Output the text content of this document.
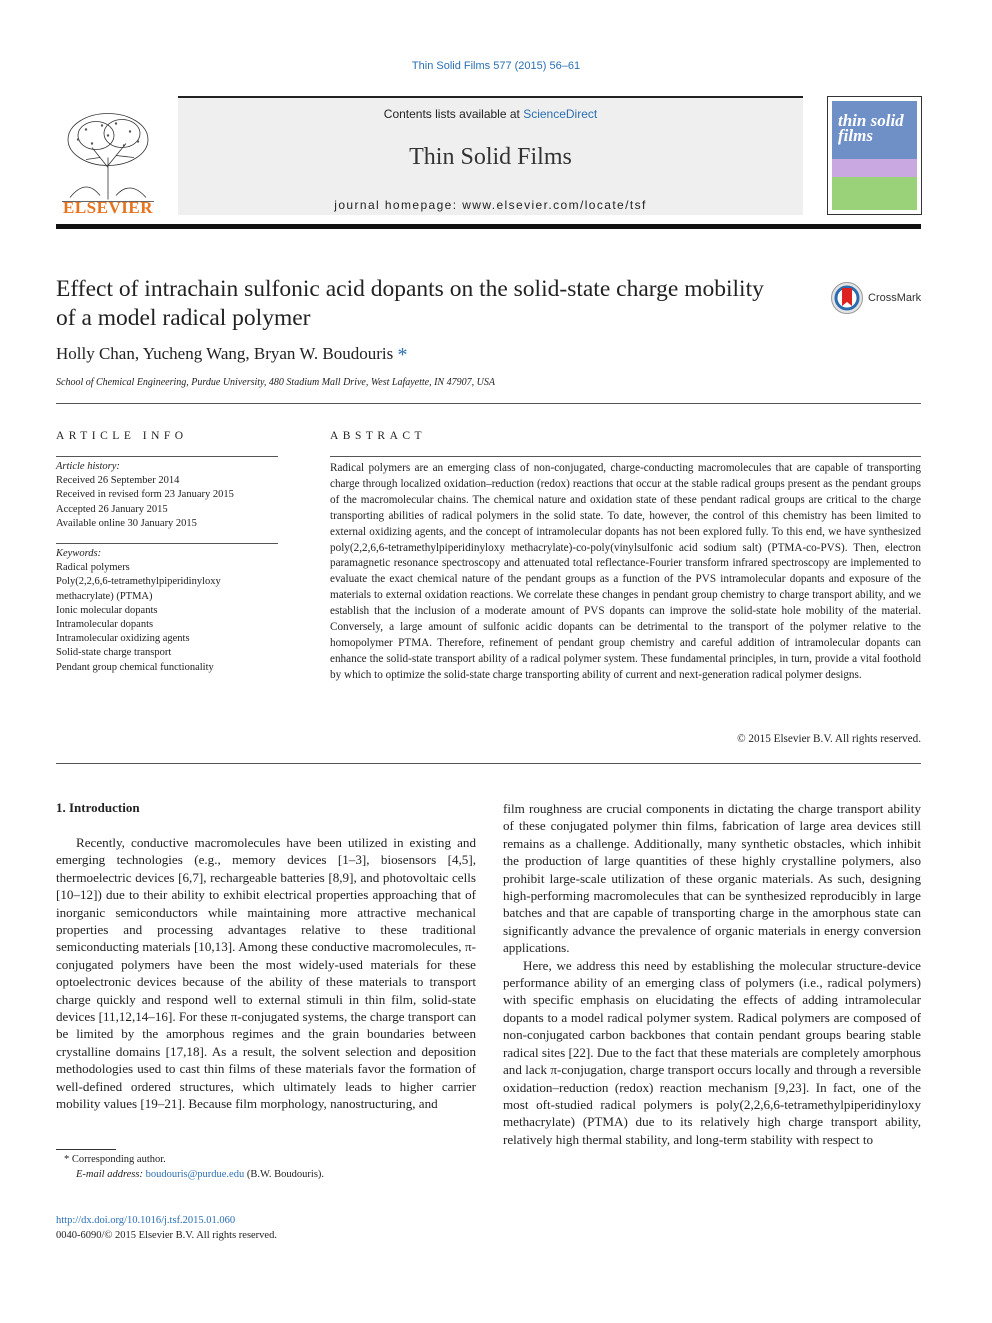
Thin Solid Films 577 (2015) 56–61
ELSEVIER
Contents lists available at ScienceDirect
Thin Solid Films
journal homepage: www.elsevier.com/locate/tsf
thin solid films
Effect of intrachain sulfonic acid dopants on the solid-state charge mobility of a model radical polymer
CrossMark
Holly Chan, Yucheng Wang, Bryan W. Boudouris *
School of Chemical Engineering, Purdue University, 480 Stadium Mall Drive, West Lafayette, IN 47907, USA
ARTICLE INFO
Article history:
Received 26 September 2014
Received in revised form 23 January 2015
Accepted 26 January 2015
Available online 30 January 2015
Keywords:
Radical polymers
Poly(2,2,6,6-tetramethylpiperidinyloxy
methacrylate) (PTMA)
Ionic molecular dopants
Intramolecular dopants
Intramolecular oxidizing agents
Solid-state charge transport
Pendant group chemical functionality
ABSTRACT
Radical polymers are an emerging class of non-conjugated, charge-conducting macromolecules that are capable of transporting charge through localized oxidation–reduction (redox) reactions that occur at the stable radical groups present as the pendant groups of the macromolecular chains. The chemical nature and oxidation state of these pendant radical groups are critical to the charge transporting abilities of radical polymers in the solid state. To date, however, the control of this chemistry has been limited to external oxidizing agents, and the concept of intramolecular dopants has not been explored fully. To this end, we have synthesized poly(2,2,6,6-tetramethylpiperidinyloxy methacrylate)-co-poly(vinylsulfonic acid sodium salt) (PTMA-co-PVS). Then, electron paramagnetic resonance spectroscopy and attenuated total reflectance-Fourier transform infrared spectroscopy are implemented to evaluate the exact chemical nature of the pendant groups as a function of the PVS intramolecular dopants and exposure of the materials to external oxidation reactions. We correlate these changes in pendant group chemistry to charge transport ability, and we establish that the inclusion of a moderate amount of PVS dopants can improve the solid-state hole mobility of the material. Conversely, a large amount of sulfonic acidic dopants can be detrimental to the transport of the polymer relative to the homopolymer PTMA. Therefore, refinement of pendant group chemistry and careful addition of intramolecular dopants can enhance the solid-state transport ability of a radical polymer system. These fundamental principles, in turn, provide a vital foothold by which to optimize the solid-state charge transporting ability of current and next-generation radical polymer designs.
© 2015 Elsevier B.V. All rights reserved.
1. Introduction

Recently, conductive macromolecules have been utilized in existing and emerging technologies (e.g., memory devices [1–3], biosensors [4,5], thermoelectric devices [6,7], rechargeable batteries [8,9], and photovoltaic cells [10–12]) due to their ability to exhibit electrical properties approaching that of inorganic semiconductors while maintaining more attractive mechanical properties and processing advantages relative to these traditional semiconducting materials [10,13]. Among these conductive macromolecules, π-conjugated polymers have been the most widely-used materials for these optoelectronic devices because of the ability of these materials to transport charge quickly and respond well to external stimuli in thin film, solid-state devices [11,12,14–16]. For these π-conjugated systems, the charge transport can be limited by the amorphous regimes and the grain boundaries between crystalline domains [17,18]. As a result, the solvent selection and deposition methodologies used to cast thin films of these materials favor the formation of well-defined ordered structures, which ultimately leads to higher carrier mobility values [19–21]. Because film morphology, nanostructuring, and

film roughness are crucial components in dictating the charge transport ability of these conjugated polymer thin films, fabrication of large area devices still remains as a challenge. Additionally, many synthetic obstacles, which inhibit the production of large quantities of these highly crystalline polymers, also prohibit large-scale utilization of these organic materials. As such, designing high-performing macromolecules that can be synthesized reproducibly in large batches and that are capable of transporting charge in the amorphous state can significantly advance the prevalence of organic materials in energy conversion applications.

Here, we address this need by establishing the molecular structure-device performance ability of an emerging class of polymers (i.e., radical polymers) with specific emphasis on elucidating the effects of adding intramolecular dopants to a model radical polymer system. Radical polymers are composed of non-conjugated carbon backbones that contain pendant groups bearing stable radical sites [22]. Due to the fact that these materials are completely amorphous and lack π-conjugation, charge transport occurs locally and through a reversible oxidation–reduction (redox) reaction mechanism [9,23]. In fact, one of the most oft-studied radical polymers is poly(2,2,6,6-tetramethylpiperidinyloxy methacrylate) (PTMA) due to its relatively high charge transport ability, relatively high thermal stability, and long-term stability with respect to

* Corresponding author.
E-mail address: boudouris@purdue.edu (B.W. Boudouris).
http://dx.doi.org/10.1016/j.tsf.2015.01.060
0040-6090/© 2015 Elsevier B.V. All rights reserved.
